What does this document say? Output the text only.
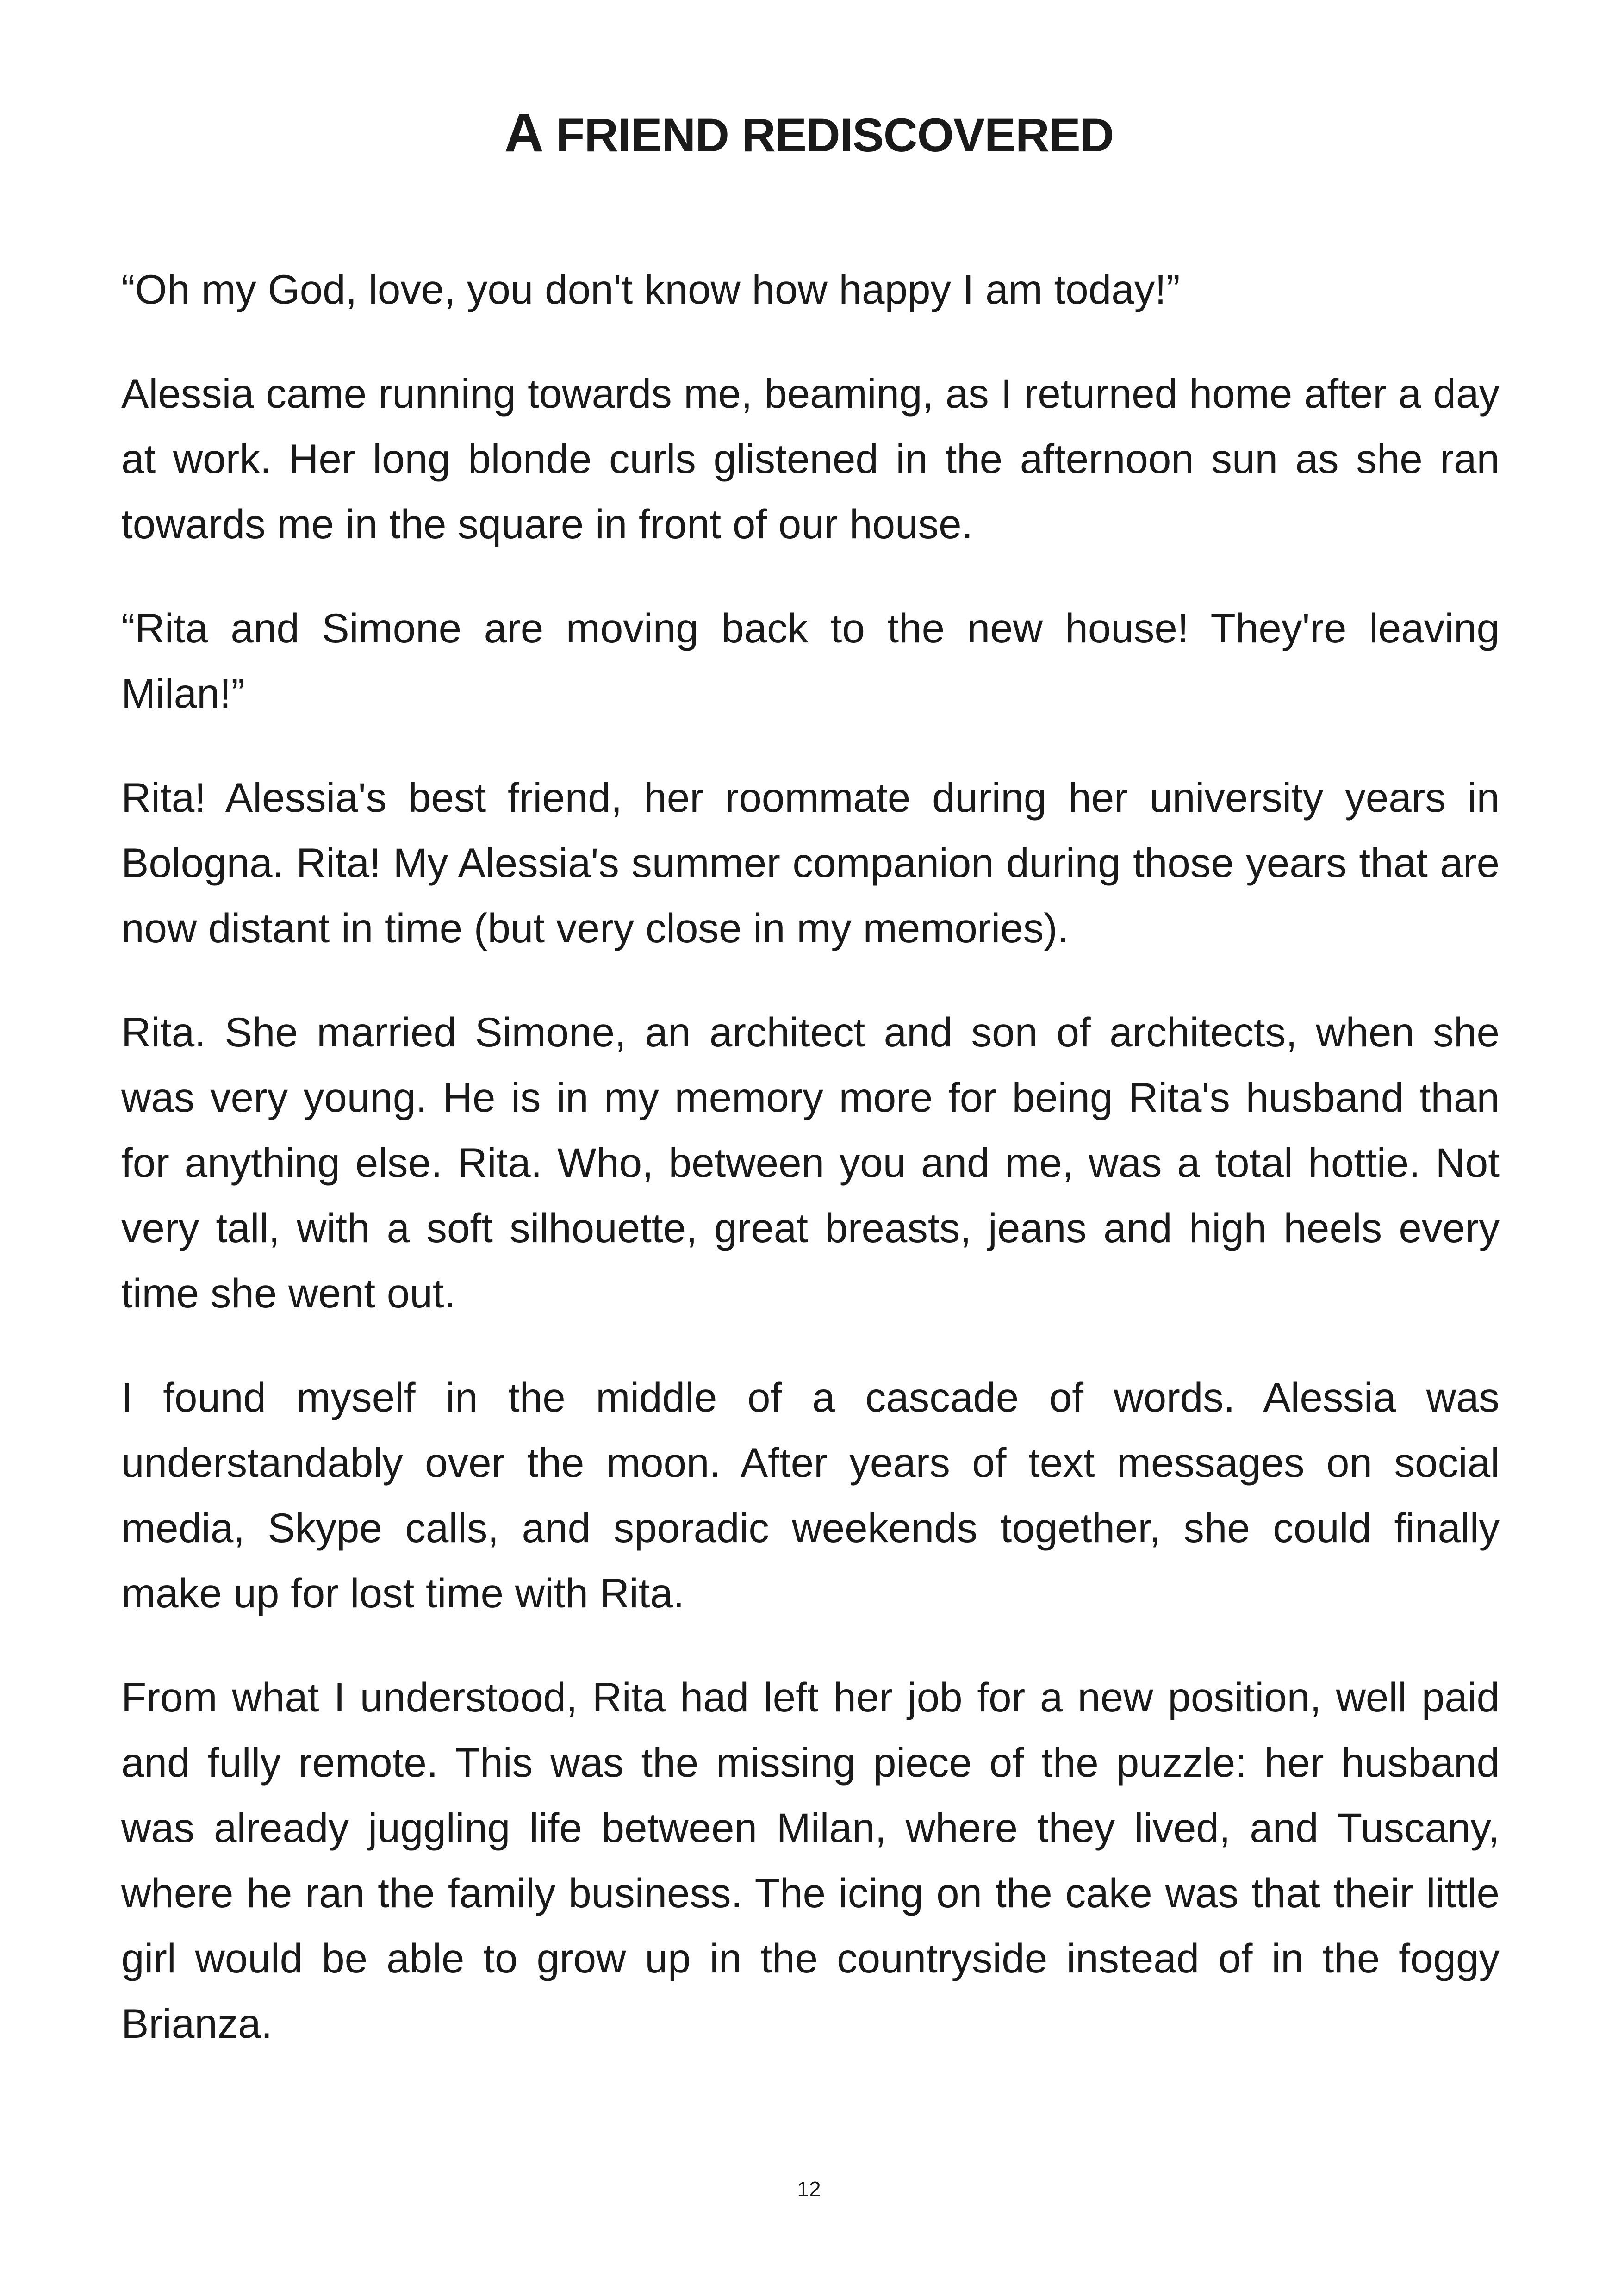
A FRIEND REDISCOVERED

“Oh my God, love, you don't know how happy I am today!”

Alessia came running towards me, beaming, as I returned home after a day at work. Her long blonde curls glistened in the afternoon sun as she ran towards me in the square in front of our house.

“Rita and Simone are moving back to the new house! They're leaving Milan!”

Rita! Alessia's best friend, her roommate during her university years in Bologna. Rita! My Alessia's summer companion during those years that are now distant in time (but very close in my memories).

Rita. She married Simone, an architect and son of architects, when she was very young. He is in my memory more for being Rita's husband than for anything else. Rita. Who, between you and me, was a total hottie. Not very tall, with a soft silhouette, great breasts, jeans and high heels every time she went out.

I found myself in the middle of a cascade of words. Alessia was understandably over the moon. After years of text messages on social media, Skype calls, and sporadic weekends together, she could finally make up for lost time with Rita.

From what I understood, Rita had left her job for a new position, well paid and fully remote. This was the missing piece of the puzzle: her husband was already juggling life between Milan, where they lived, and Tuscany, where he ran the family business. The icing on the cake was that their little girl would be able to grow up in the countryside instead of in the foggy Brianza.

12
